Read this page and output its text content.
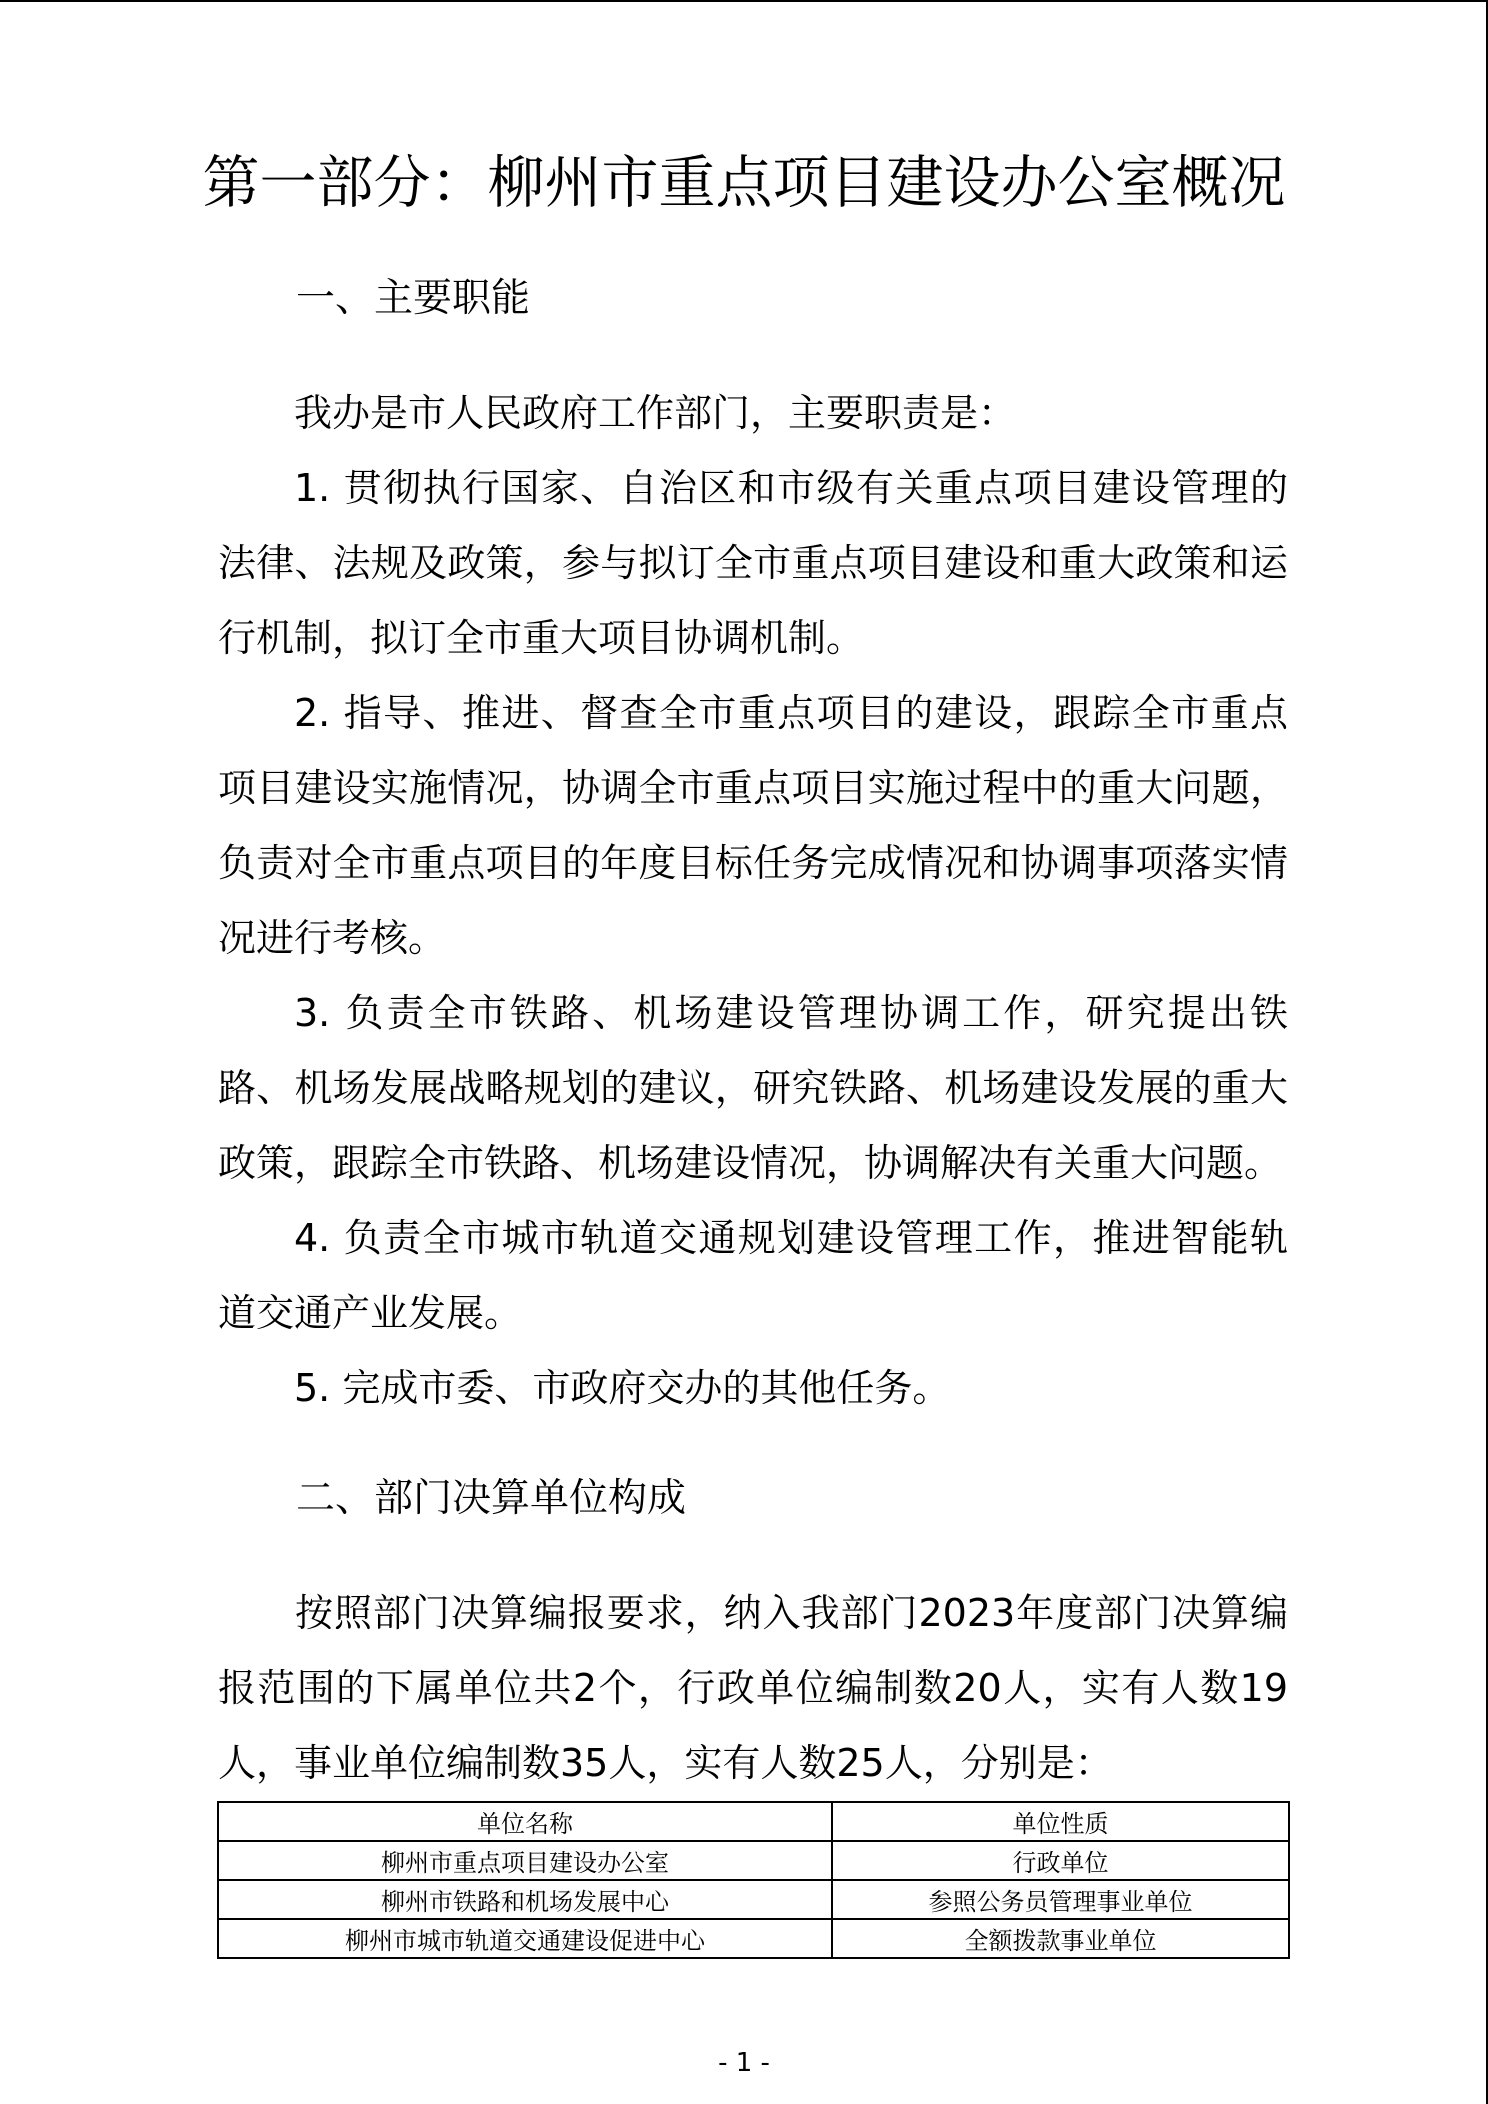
第一部分：柳州市重点项目建设办公室概况
一、主要职能
我办是市人民政府工作部门，主要职责是：
1. 贯彻执行国家、自治区和市级有关重点项目建设管理的法律、法规及政策，参与拟订全市重点项目建设和重大政策和运行机制，拟订全市重大项目协调机制。
2. 指导、推进、督查全市重点项目的建设，跟踪全市重点项目建设实施情况，协调全市重点项目实施过程中的重大问题，负责对全市重点项目的年度目标任务完成情况和协调事项落实情况进行考核。
3. 负责全市铁路、机场建设管理协调工作，研究提出铁路、机场发展战略规划的建议，研究铁路、机场建设发展的重大政策，跟踪全市铁路、机场建设情况，协调解决有关重大问题。
4. 负责全市城市轨道交通规划建设管理工作，推进智能轨道交通产业发展。
5. 完成市委、市政府交办的其他任务。
二、部门决算单位构成
按照部门决算编报要求，纳入我部门2023年度部门决算编报范围的下属单位共2个，行政单位编制数20人，实有人数19人，事业单位编制数35人，实有人数25人，分别是：
单位名称	单位性质
柳州市重点项目建设办公室	行政单位
柳州市铁路和机场发展中心	参照公务员管理事业单位
柳州市城市轨道交通建设促进中心	全额拨款事业单位
- 1 -
